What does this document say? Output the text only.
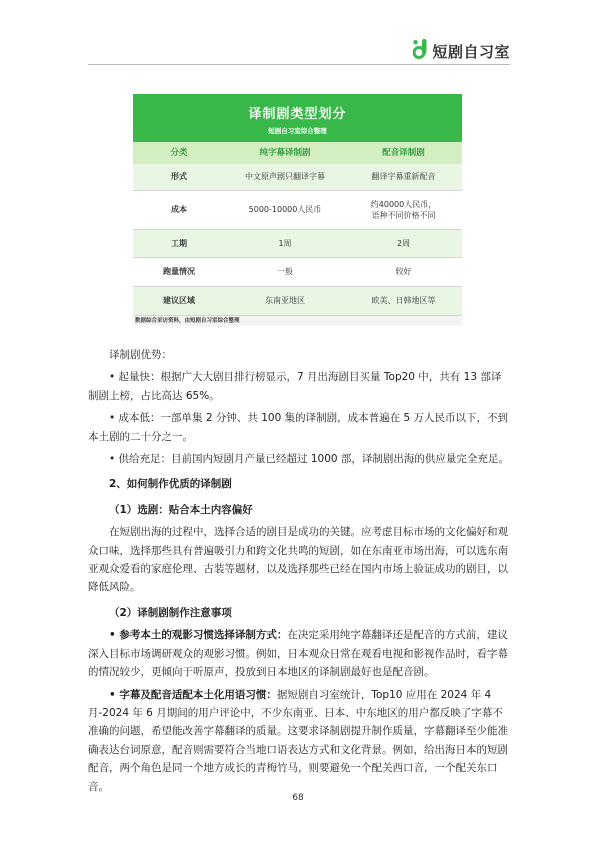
短剧自习室
译制剧类型划分
短剧自习室综合整理
分类	纯字幕译制剧	配音译制剧
形式	中文原声剧只翻译字幕	翻译字幕重新配音
成本	5000-10000人民币	约40000人民币，
语种不同价格不同
工期	1周	2周
跑量情况	一般	较好
建议区域	东南亚地区	欧美、日韩地区等
数据综合采访资料，由短剧自习室综合整理

译制剧优势：

• 起量快：根据广大大剧目排行榜显示，7 月出海剧目买量 Top20 中，共有 13 部译制剧上榜，占比高达 65%。

• 成本低：一部单集 2 分钟、共 100 集的译制剧，成本普遍在 5 万人民币以下，不到本土剧的二十分之一。

• 供给充足：目前国内短剧月产量已经超过 1000 部，译制剧出海的供应量完全充足。

2、如何制作优质的译制剧

（1）选剧：贴合本土内容偏好

在短剧出海的过程中，选择合适的剧目是成功的关键。应考虑目标市场的文化偏好和观众口味，选择那些具有普遍吸引力和跨文化共鸣的短剧，如在东南亚市场出海，可以选东南亚观众爱看的家庭伦理、古装等题材，以及选择那些已经在国内市场上验证成功的剧目，以降低风险。

（2）译制剧制作注意事项

• 参考本土的观影习惯选择译制方式：在决定采用纯字幕翻译还是配音的方式前，建议深入目标市场调研观众的观影习惯。例如，日本观众日常在观看电视和影视作品时，看字幕的情况较少，更倾向于听原声，投放到日本地区的译制剧最好也是配音剧。

• 字幕及配音适配本土化用语习惯：据短剧自习室统计，Top10 应用在 2024 年 4 月-2024 年 6 月期间的用户评论中，不少东南亚、日本、中东地区的用户都反映了字幕不准确的问题，希望能改善字幕翻译的质量。这要求译制剧提升制作质量，字幕翻译至少能准确表达台词原意，配音则需要符合当地口语表达方式和文化背景。例如，给出海日本的短剧配音，两个角色是同一个地方成长的青梅竹马，则要避免一个配关西口音，一个配关东口音。

68
